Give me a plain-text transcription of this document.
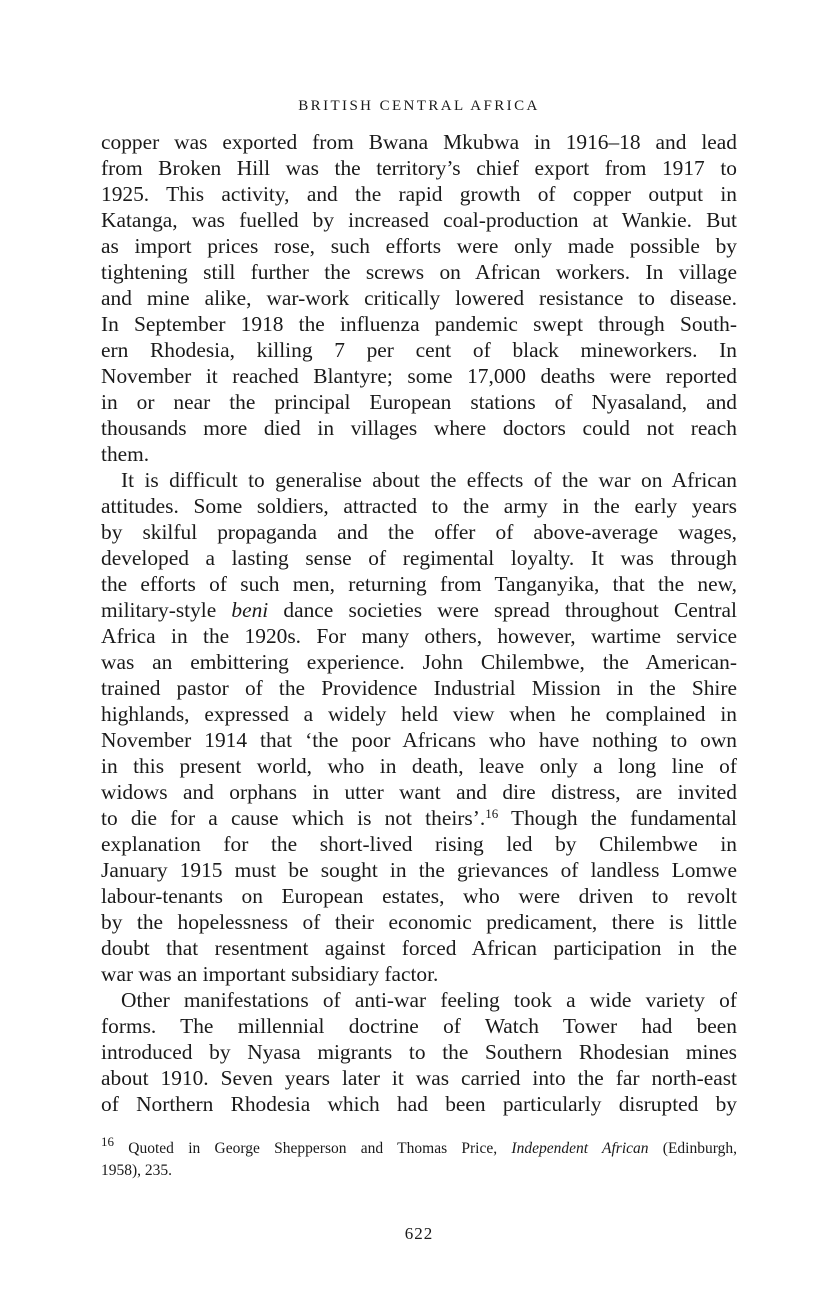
BRITISH CENTRAL AFRICA
copper was exported from Bwana Mkubwa in 1916–18 and lead
from Broken Hill was the territory’s chief export from 1917 to
1925. This activity, and the rapid growth of copper output in
Katanga, was fuelled by increased coal-production at Wankie. But
as import prices rose, such efforts were only made possible by
tightening still further the screws on African workers. In village
and mine alike, war-work critically lowered resistance to disease.
In September 1918 the influenza pandemic swept through South-
ern Rhodesia, killing 7 per cent of black mineworkers. In
November it reached Blantyre; some 17,000 deaths were reported
in or near the principal European stations of Nyasaland, and
thousands more died in villages where doctors could not reach
them.
It is difficult to generalise about the effects of the war on African
attitudes. Some soldiers, attracted to the army in the early years
by skilful propaganda and the offer of above-average wages,
developed a lasting sense of regimental loyalty. It was through
the efforts of such men, returning from Tanganyika, that the new,
military-style beni dance societies were spread throughout Central
Africa in the 1920s. For many others, however, wartime service
was an embittering experience. John Chilembwe, the American-
trained pastor of the Providence Industrial Mission in the Shire
highlands, expressed a widely held view when he complained in
November 1914 that ‘the poor Africans who have nothing to own
in this present world, who in death, leave only a long line of
widows and orphans in utter want and dire distress, are invited
to die for a cause which is not theirs’.$^{16}$ Though the fundamental
explanation for the short-lived rising led by Chilembwe in
January 1915 must be sought in the grievances of landless Lomwe
labour-tenants on European estates, who were driven to revolt
by the hopelessness of their economic predicament, there is little
doubt that resentment against forced African participation in the
war was an important subsidiary factor.
Other manifestations of anti-war feeling took a wide variety of
forms. The millennial doctrine of Watch Tower had been
introduced by Nyasa migrants to the Southern Rhodesian mines
about 1910. Seven years later it was carried into the far north-east
of Northern Rhodesia which had been particularly disrupted by
$^{16}$ Quoted in George Shepperson and Thomas Price, Independent African (Edinburgh,
1958), 235.
622
